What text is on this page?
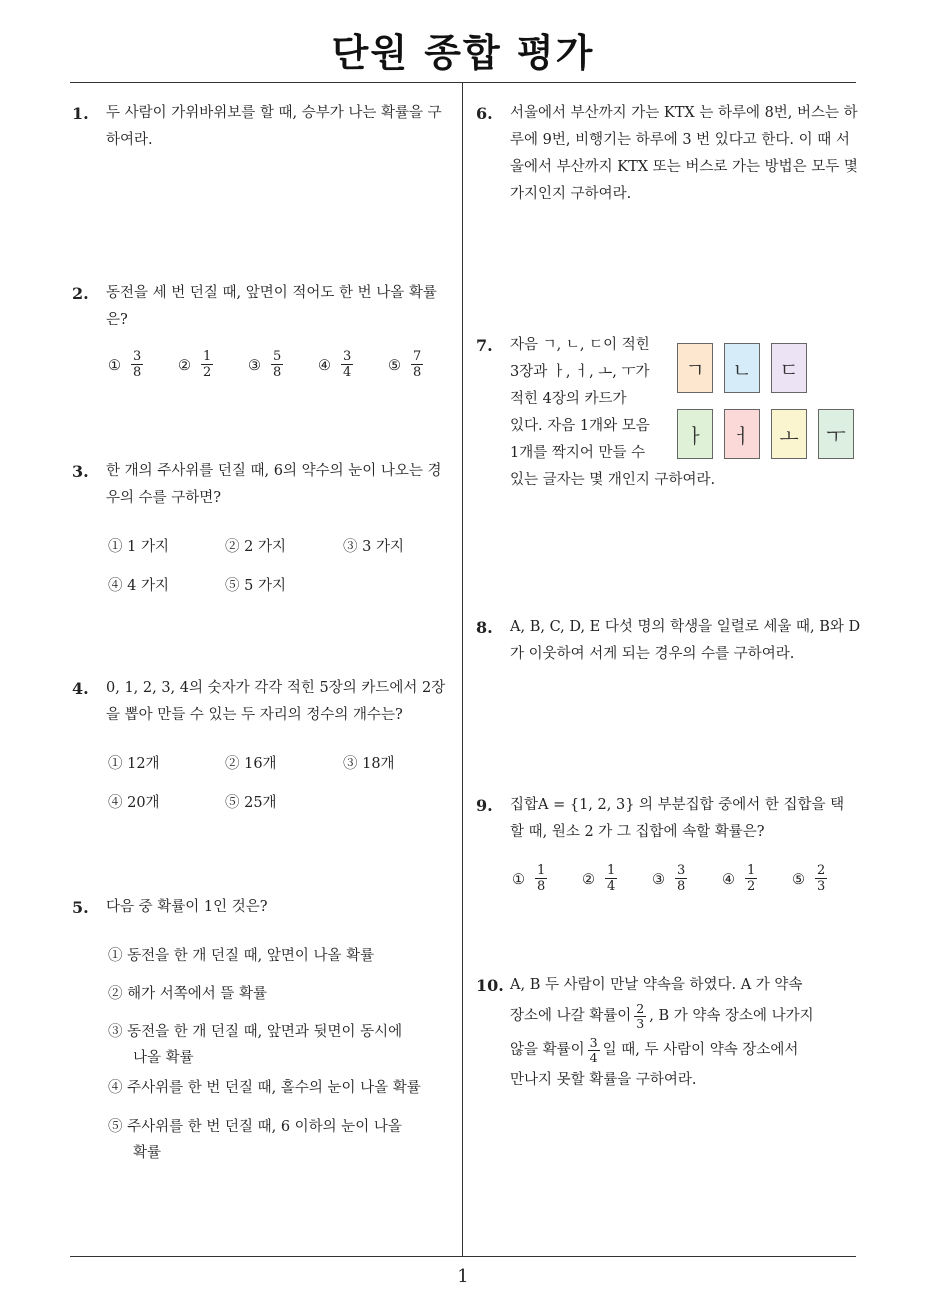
단원 종합 평가
1
1. 두 사람이 가위바위보를 할 때, 승부가 나는 확률을 구하여라.
2. 동전을 세 번 던질 때, 앞면이 적어도 한 번 나올 확률은?
① $\frac{3}{8}$ ② $\frac{1}{2}$ ③ $\frac{5}{8}$ ④ $\frac{3}{4}$ ⑤ $\frac{7}{8}$
3. 한 개의 주사위를 던질 때, 6의 약수의 눈이 나오는 경우의 수를 구하면?
① 1 가지	② 2 가지	③ 3 가지
④ 4 가지	⑤ 5 가지
4. 0, 1, 2, 3, 4의 숫자가 각각 적힌 5장의 카드에서 2장을 뽑아 만들 수 있는 두 자리의 정수의 개수는?
① 12개	② 16개	③ 18개
④ 20개	⑤ 25개
5. 다음 중 확률이 1인 것은?
① 동전을 한 개 던질 때, 앞면이 나올 확률
② 해가 서쪽에서 뜰 확률
③ 동전을 한 개 던질 때, 앞면과 뒷면이 동시에
나올 확률
④ 주사위를 한 번 던질 때, 홀수의 눈이 나올 확률
⑤ 주사위를 한 번 던질 때, 6 이하의 눈이 나올
확률
6. 서울에서 부산까지 가는 KTX 는 하루에 8번, 버스는 하루에 9번, 비행기는 하루에 3 번 있다고 한다. 이 때 서울에서 부산까지 KTX 또는 버스로 가는 방법은 모두 몇 가지인지 구하여라.
7. 자음 ㄱ, ㄴ, ㄷ이 적힌
3장과 ㅏ, ㅓ, ㅗ, ㅜ가
적힌 4장의 카드가
있다. 자음 1개와 모음
1개를 짝지어 만들 수
있는 글자는 몇 개인지 구하여라.
ㄱ	ㄴ	ㄷ
ㅏ	ㅓ	ㅗ	ㅜ
8. A, B, C, D, E 다섯 명의 학생을 일렬로 세울 때, B와 D 가 이웃하여 서게 되는 경우의 수를 구하여라.
9. 집합A = {1, 2, 3} 의 부분집합 중에서 한 집합을 택할 때, 원소 2 가 그 집합에 속할 확률은?
① $\frac{1}{8}$ ② $\frac{1}{4}$ ③ $\frac{3}{8}$ ④ $\frac{1}{2}$ ⑤ $\frac{2}{3}$
10. A, B 두 사람이 만날 약속을 하였다. A 가 약속
장소에 나갈 확률이 $\frac{2}{3}$ , B 가 약속 장소에 나가지
않을 확률이 $\frac{3}{4}$ 일 때, 두 사람이 약속 장소에서
만나지 못할 확률을 구하여라.
